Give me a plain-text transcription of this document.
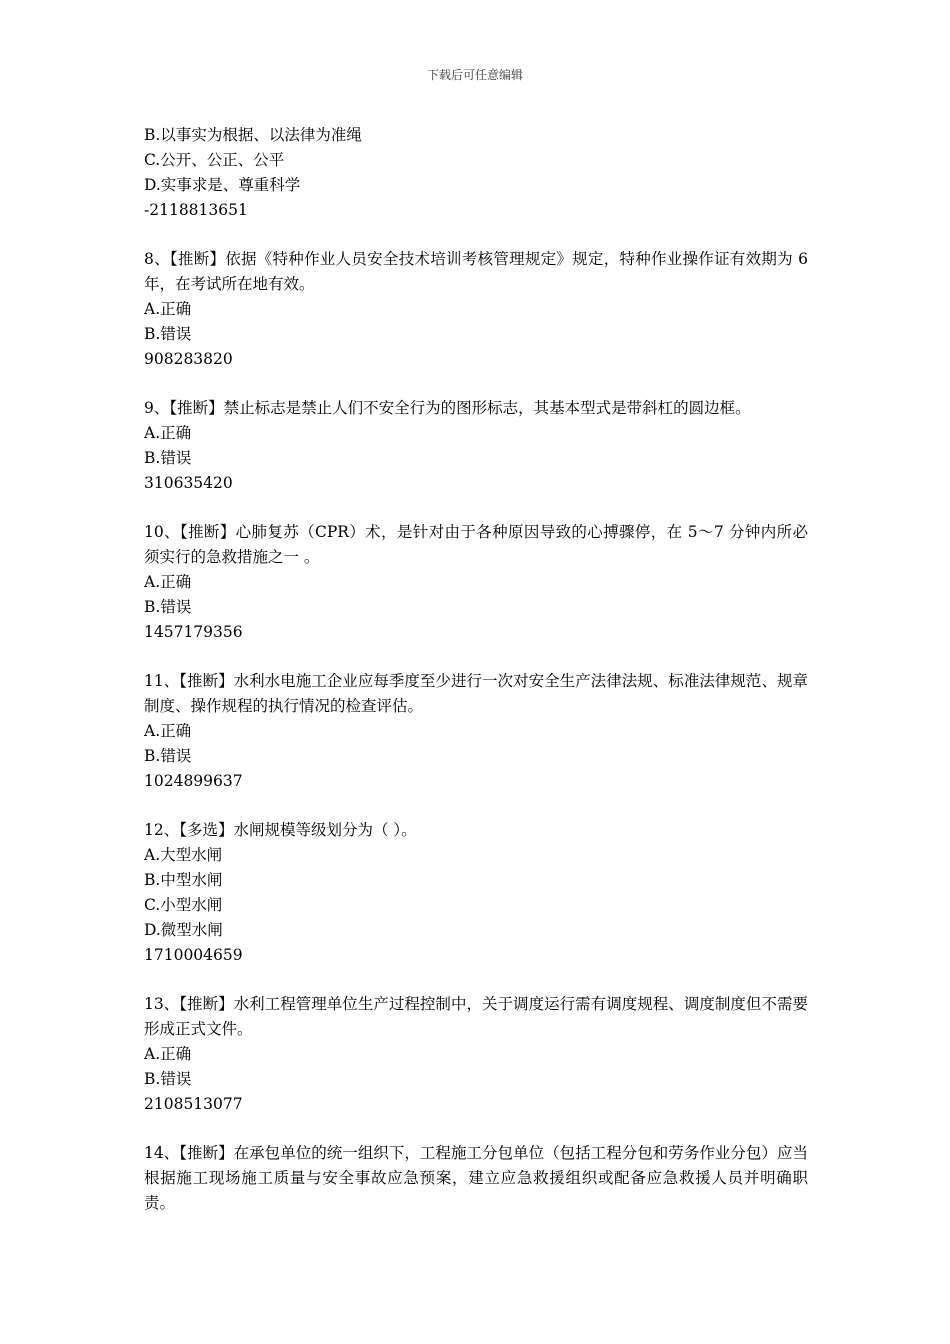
下载后可任意编辑
B.以事实为根据、以法律为准绳
C.公开、公正、公平
D.实事求是、尊重科学
-2118813651
8、【推断】依据《特种作业人员安全技术培训考核管理规定》规定，特种作业操作证有效期为 6 年，在考试所在地有效。
A.正确
B.错误
908283820
9、【推断】禁止标志是禁止人们不安全行为的图形标志，其基本型式是带斜杠的圆边框。
A.正确
B.错误
310635420
10、【推断】心肺复苏（CPR）术，是针对由于各种原因导致的心搏骤停，在 5～7 分钟内所必须实行的急救措施之一 。
A.正确
B.错误
1457179356
11、【推断】水利水电施工企业应每季度至少进行一次对安全生产法律法规、标准法律规范、规章制度、操作规程的执行情况的检查评估。
A.正确
B.错误
1024899637
12、【多选】水闸规模等级划分为（ ）。
A.大型水闸
B.中型水闸
C.小型水闸
D.微型水闸
1710004659
13、【推断】水利工程管理单位生产过程控制中，关于调度运行需有调度规程、调度制度但不需要形成正式文件。
A.正确
B.错误
2108513077
14、【推断】在承包单位的统一组织下，工程施工分包单位（包括工程分包和劳务作业分包）应当根据施工现场施工质量与安全事故应急预案，建立应急救援组织或配备应急救援人员并明确职责。
